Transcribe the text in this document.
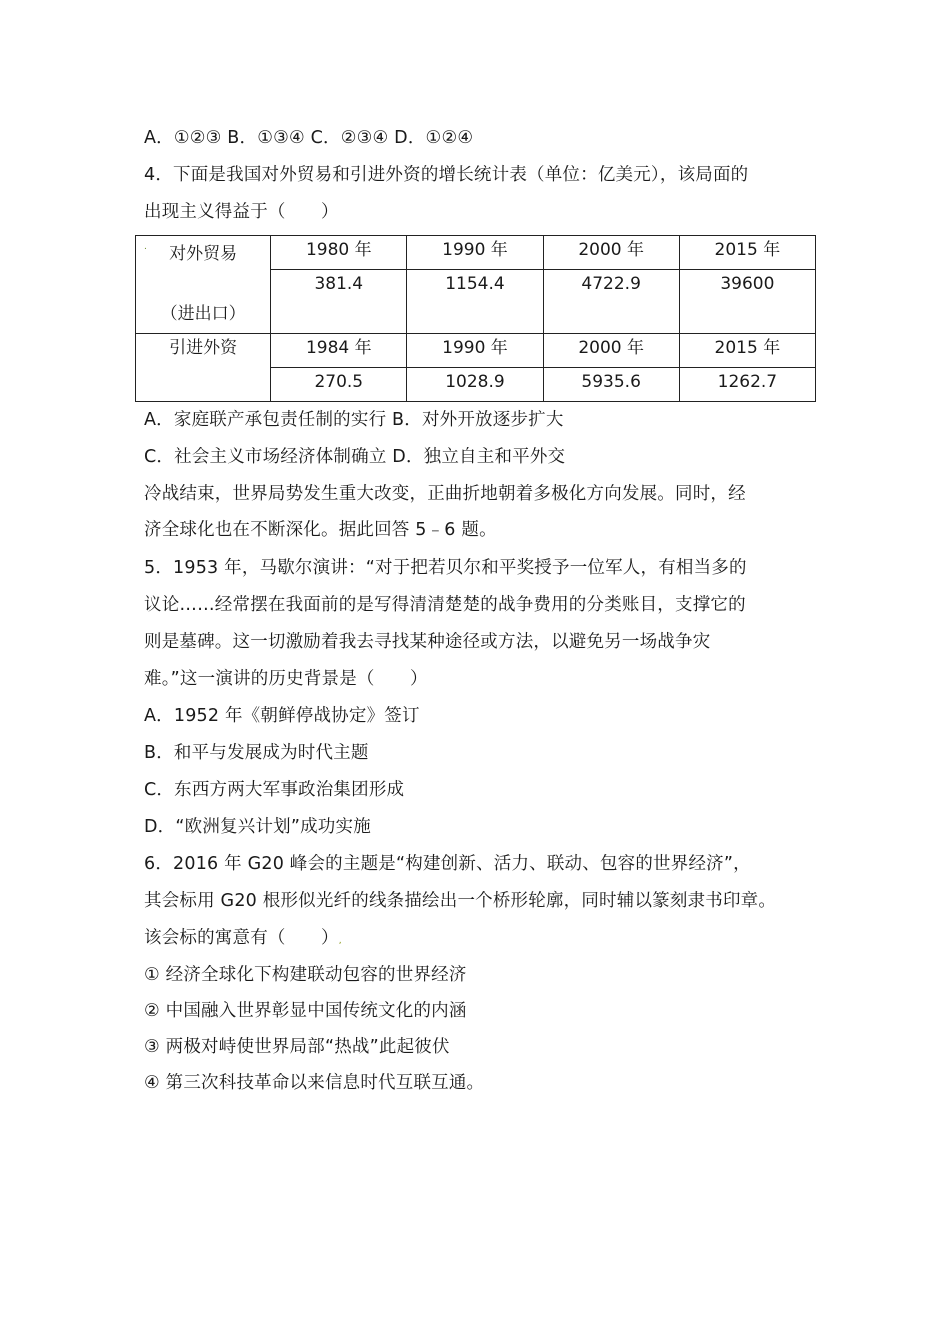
A．①②③ B．①③④ C．②③④ D．①②④
4．下面是我国对外贸易和引进外资的增长统计表（单位：亿美元），该局面的
出现主义得益于（　　）
. 对外贸易
（进出口）	1980 年	1990 年	2000 年	2015 年
	381.4	1154.4	4722.9	39600
引进外资	1984 年	1990 年	2000 年	2015 年
	270.5	1028.9	5935.6	1262.7
A．家庭联产承包责任制的实行 B．对外开放逐步扩大
C．社会主义市场经济体制确立 D．独立自主和平外交
冷战结束，世界局势发生重大改变，正曲折地朝着多极化方向发展。同时，经
济全球化也在不断深化。据此回答 5﹣6 题。
5．1953 年，马歇尔演讲：“对于把若贝尔和平奖授予一位军人，有相当多的
议论……经常摆在我面前的是写得清清楚楚的战争费用的分类账目，支撑它的
则是墓碑。这一切激励着我去寻找某种途径或方法，以避免另一场战争灾
难。”这一演讲的历史背景是（　　）
A．1952 年《朝鲜停战协定》签订
B．和平与发展成为时代主题
C．东西方两大军事政治集团形成
D．“欧洲复兴计划”成功实施
6．2016 年 G20 峰会的主题是“构建创新、活力、联动、包容的世界经济”，
其会标用 G20 根形似光纤的线条描绘出一个桥形轮廓，同时辅以篆刻隶书印章。
该会标的寓意有（　　）,
① 经济全球化下构建联动包容的世界经济
② 中国融入世界彰显中国传统文化的内涵
③ 两极对峙使世界局部“热战”此起彼伏
④ 第三次科技革命以来信息时代互联互通。
